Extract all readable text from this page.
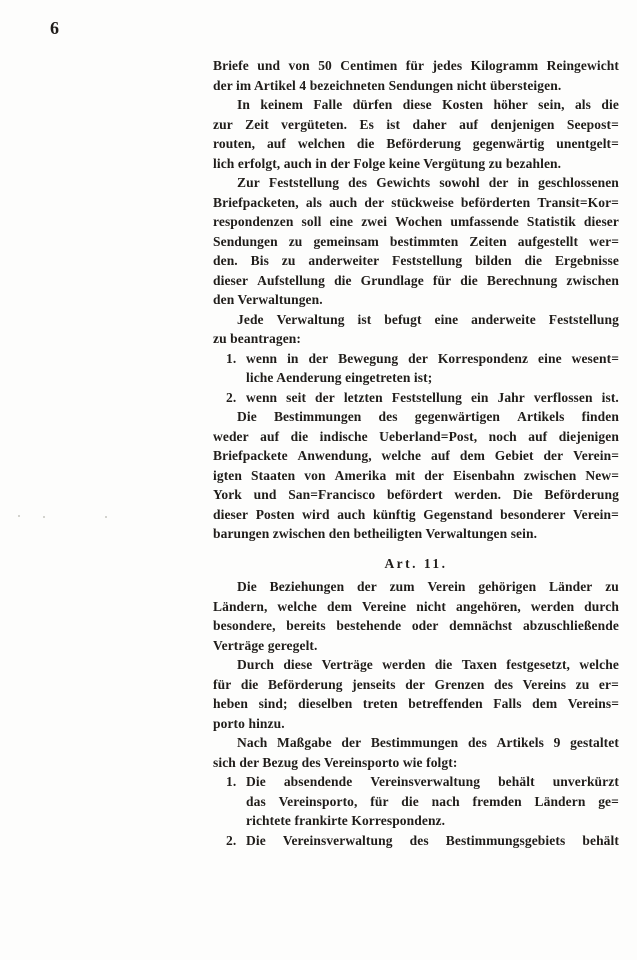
6
Briefe und von 50 Centimen für jedes Kilogramm Reingewicht
der im Artikel 4 bezeichneten Sendungen nicht übersteigen.
In keinem Falle dürfen diese Kosten höher sein, als die
zur Zeit vergüteten. Es ist daher auf denjenigen Seepost=
routen, auf welchen die Beförderung gegenwärtig unentgelt=
lich erfolgt, auch in der Folge keine Vergütung zu bezahlen.
Zur Feststellung des Gewichts sowohl der in geschlossenen
Briefpacketen, als auch der stückweise beförderten Transit=Kor=
respondenzen soll eine zwei Wochen umfassende Statistik dieser
Sendungen zu gemeinsam bestimmten Zeiten aufgestellt wer=
den. Bis zu anderweiter Feststellung bilden die Ergebnisse
dieser Aufstellung die Grundlage für die Berechnung zwischen
den Verwaltungen.
Jede Verwaltung ist befugt eine anderweite Feststellung
zu beantragen:
1. wenn in der Bewegung der Korrespondenz eine wesent=
liche Aenderung eingetreten ist;
2. wenn seit der letzten Feststellung ein Jahr verflossen ist.
Die Bestimmungen des gegenwärtigen Artikels finden
weder auf die indische Ueberland=Post, noch auf diejenigen
Briefpackete Anwendung, welche auf dem Gebiet der Verein=
igten Staaten von Amerika mit der Eisenbahn zwischen New=
York und San=Francisco befördert werden. Die Beförderung
dieser Posten wird auch künftig Gegenstand besonderer Verein=
barungen zwischen den betheiligten Verwaltungen sein.
Art. 11.
Die Beziehungen der zum Verein gehörigen Länder zu
Ländern, welche dem Vereine nicht angehören, werden durch
besondere, bereits bestehende oder demnächst abzuschließende
Verträge geregelt.
Durch diese Verträge werden die Taxen festgesetzt, welche
für die Beförderung jenseits der Grenzen des Vereins zu er=
heben sind; dieselben treten betreffenden Falls dem Vereins=
porto hinzu.
Nach Maßgabe der Bestimmungen des Artikels 9 gestaltet
sich der Bezug des Vereinsporto wie folgt:
1. Die absendende Vereinsverwaltung behält unverkürzt
das Vereinsporto, für die nach fremden Ländern ge=
richtete frankirte Korrespondenz.
2. Die Vereinsverwaltung des Bestimmungsgebiets behält
